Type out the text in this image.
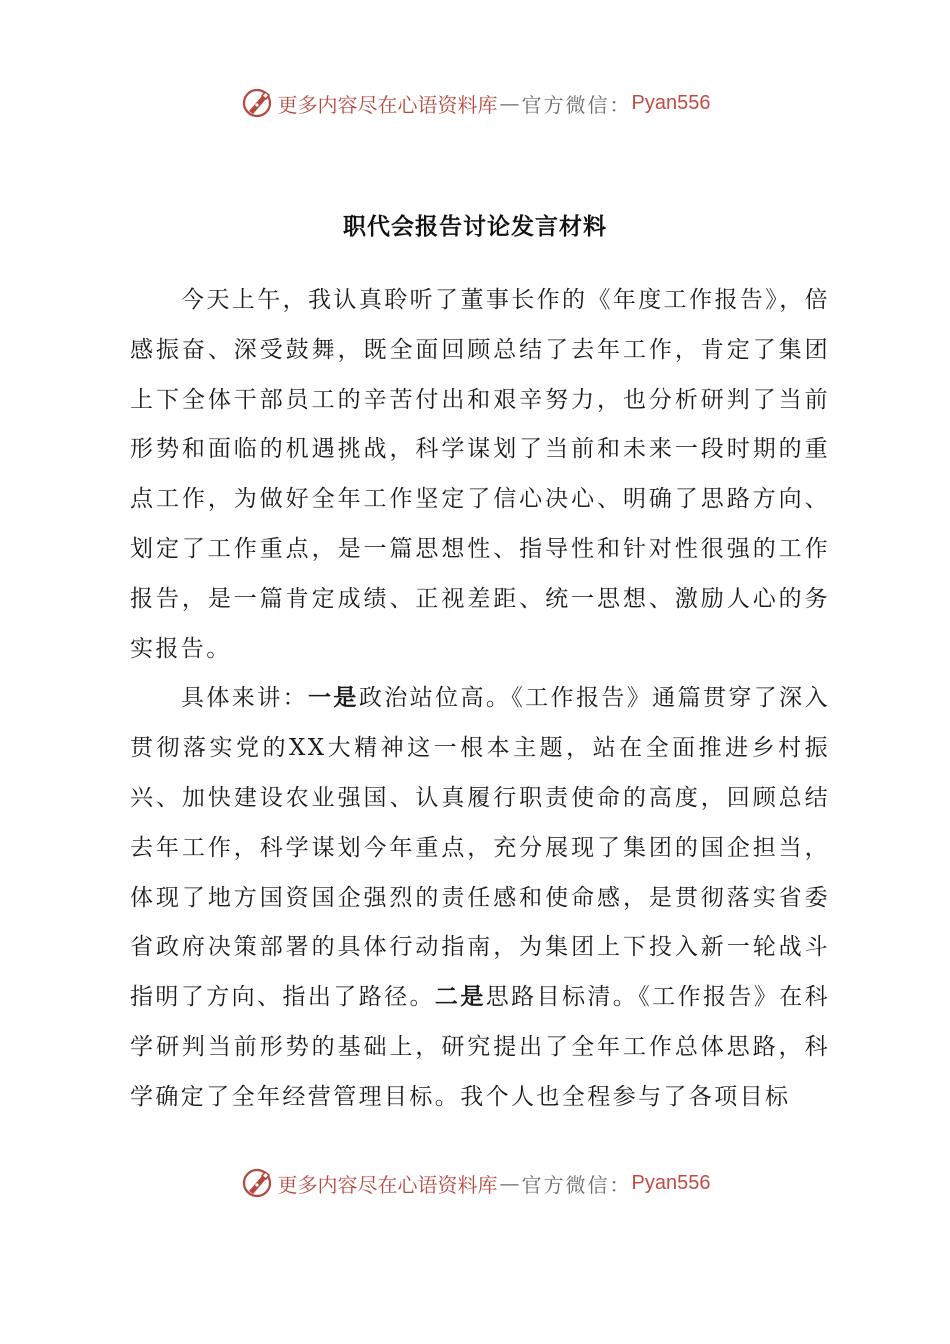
更多内容尽在心语资料库 — 官方微信： Pyan556
职代会报告讨论发言材料

今天上午，我认真聆听了董事长作的《年度工作报告》，倍感振奋、深受鼓舞，既全面回顾总结了去年工作，肯定了集团上下全体干部员工的辛苦付出和艰辛努力，也分析研判了当前形势和面临的机遇挑战，科学谋划了当前和未来一段时期的重点工作，为做好全年工作坚定了信心决心、明确了思路方向、划定了工作重点，是一篇思想性、指导性和针对性很强的工作报告，是一篇肯定成绩、正视差距、统一思想、激励人心的务实报告。

具体来讲：一是政治站位高。《工作报告》通篇贯穿了深入贯彻落实党的XX大精神这一根本主题，站在全面推进乡村振兴、加快建设农业强国、认真履行职责使命的高度，回顾总结去年工作，科学谋划今年重点，充分展现了集团的国企担当，体现了地方国资国企强烈的责任感和使命感，是贯彻落实省委省政府决策部署的具体行动指南，为集团上下投入新一轮战斗指明了方向、指出了路径。二是思路目标清。《工作报告》在科学研判当前形势的基础上，研究提出了全年工作总体思路，科学确定了全年经营管理目标。我个人也全程参与了各项目标

更多内容尽在心语资料库 — 官方微信： Pyan556
